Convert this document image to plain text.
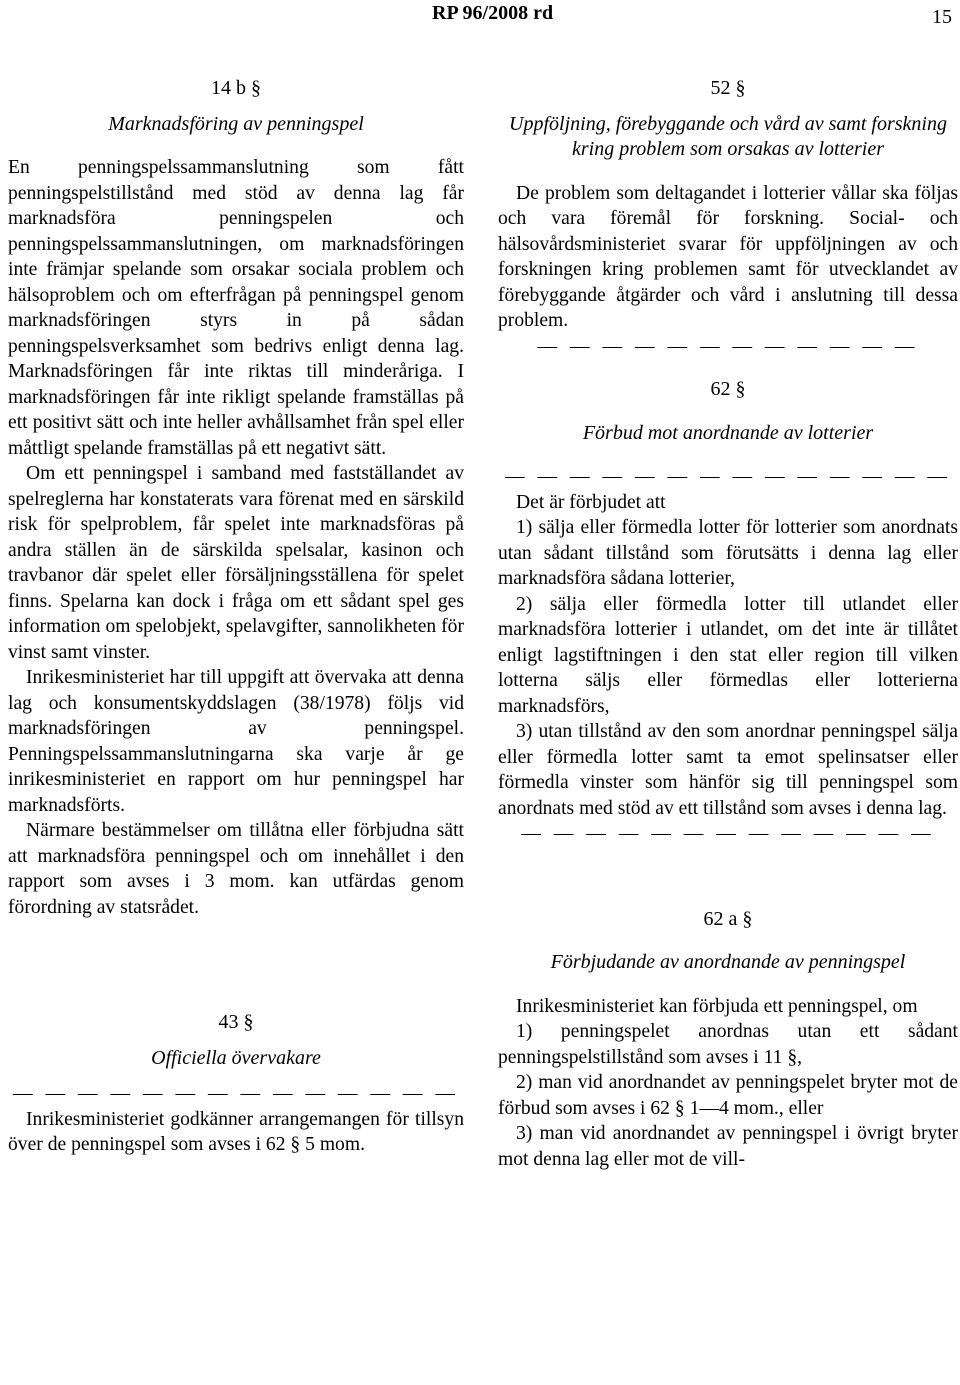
RP 96/2008 rd	15
14 b §
Marknadsföring av penningspel

En penningspelssammanslutning som fått penningspelstillstånd med stöd av denna lag får marknadsföra penningspelen och penningspelssammanslutningen, om marknadsföringen inte främjar spelande som orsakar sociala problem och hälsoproblem och om efterfrågan på penningspel genom marknadsföringen styrs in på sådan penningspelsverksamhet som bedrivs enligt denna lag. Marknadsföringen får inte riktas till minderåriga. I marknadsföringen får inte rikligt spelande framställas på ett positivt sätt och inte heller avhållsamhet från spel eller måttligt spelande framställas på ett negativt sätt.

Om ett penningspel i samband med fastställandet av spelreglerna har konstaterats vara förenat med en särskild risk för spelproblem, får spelet inte marknadsföras på andra ställen än de särskilda spelsalar, kasinon och travbanor där spelet eller försäljningsställena för spelet finns. Spelarna kan dock i fråga om ett sådant spel ges information om spelobjekt, spelavgifter, sannolikheten för vinst samt vinster.

Inrikesministeriet har till uppgift att övervaka att denna lag och konsumentskyddslagen (38/1978) följs vid marknadsföringen av penningspel. Penningspelssammanslutningarna ska varje år ge inrikesministeriet en rapport om hur penningspel har marknadsförts.

Närmare bestämmelser om tillåtna eller förbjudna sätt att marknadsföra penningspel och om innehållet i den rapport som avses i 3 mom. kan utfärdas genom förordning av statsrådet.

43 §
Officiella övervakare
— — — — — — — — — — — — — —

Inrikesministeriet godkänner arrangemangen för tillsyn över de penningspel som avses i 62 § 5 mom.

52 §
Uppföljning, förebyggande och vård av samt forskning kring problem som orsakas av lotterier

De problem som deltagandet i lotterier vållar ska följas och vara föremål för forskning. Social- och hälsovårdsministeriet svarar för uppföljningen av och forskningen kring problemen samt för utvecklandet av förebyggande åtgärder och vård i anslutning till dessa problem.

— — — — — — — — — — — —
62 §
Förbud mot anordnande av lotterier
— — — — — — — — — — — — — —

Det är förbjudet att

1) sälja eller förmedla lotter för lotterier som anordnats utan sådant tillstånd som förutsätts i denna lag eller marknadsföra sådana lotterier,

2) sälja eller förmedla lotter till utlandet eller marknadsföra lotterier i utlandet, om det inte är tillåtet enligt lagstiftningen i den stat eller region till vilken lotterna säljs eller förmedlas eller lotterierna marknadsförs,

3) utan tillstånd av den som anordnar penningspel sälja eller förmedla lotter samt ta emot spelinsatser eller förmedla vinster som hänför sig till penningspel som anordnats med stöd av ett tillstånd som avses i denna lag.

— — — — — — — — — — — — —
62 a §
Förbjudande av anordnande av penningspel

Inrikesministeriet kan förbjuda ett penningspel, om

1) penningspelet anordnas utan ett sådant penningspelstillstånd som avses i 11 §,

2) man vid anordnandet av penningspelet bryter mot de förbud som avses i 62 § 1—4 mom., eller

3) man vid anordnandet av penningspel i övrigt bryter mot denna lag eller mot de vill-
